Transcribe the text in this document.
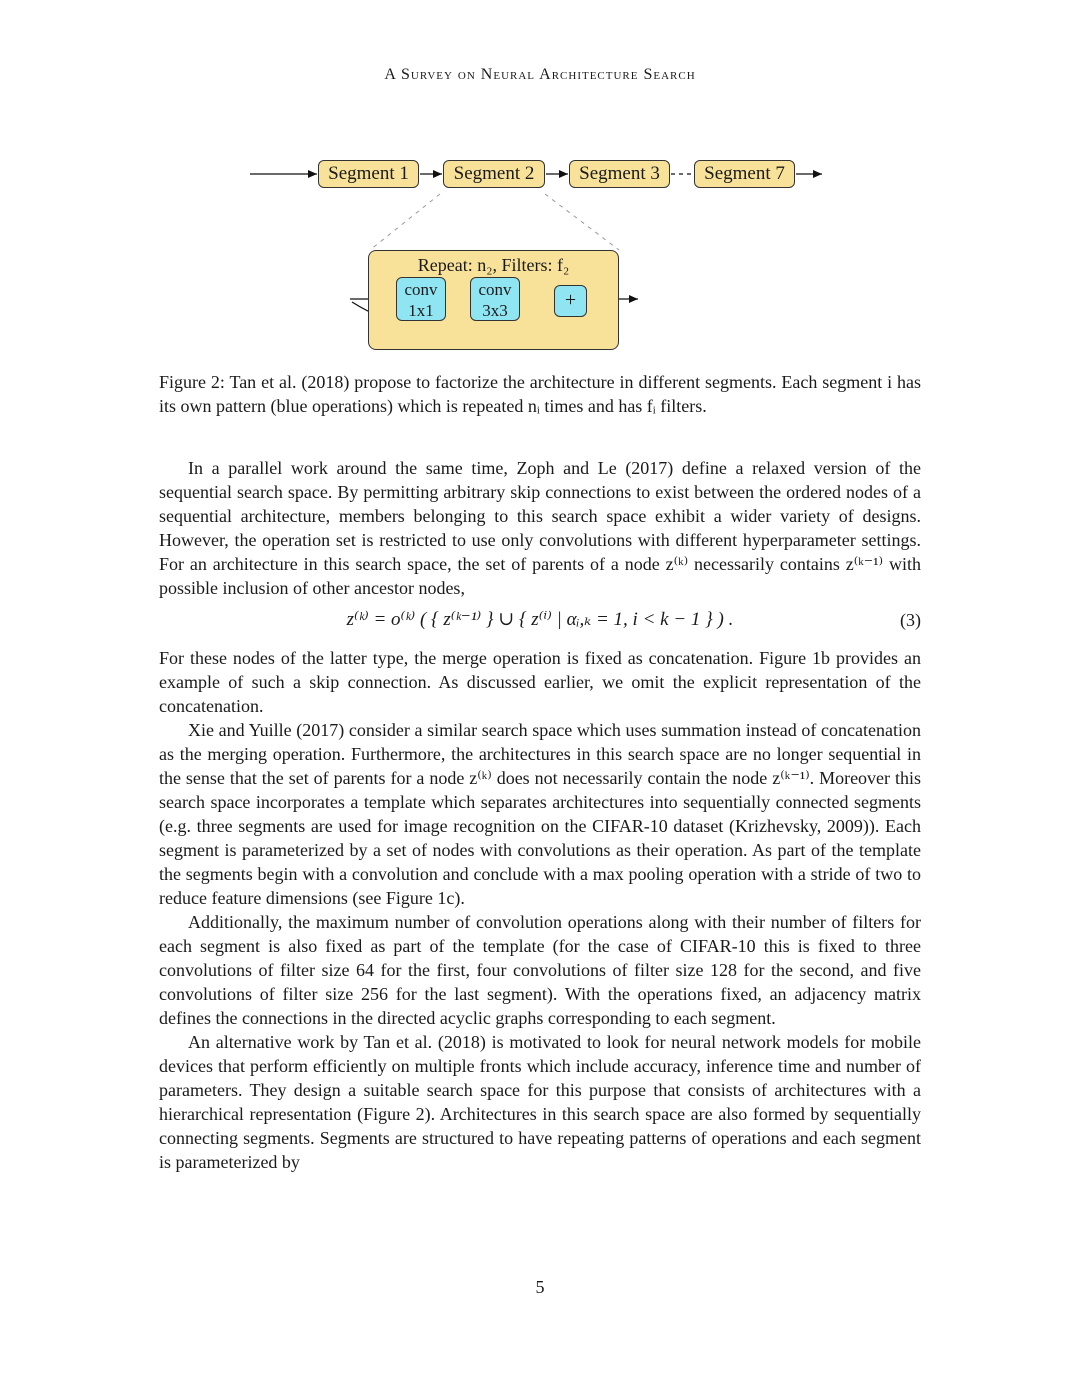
A Survey on Neural Architecture Search
Segment 1	Segment 2	Segment 3	Segment 7
Repeat: n₂, Filters: f₂
conv
1x1
conv
3x3	+
Figure 2: Tan et al. (2018) propose to factorize the architecture in different segments. Each segment i has its own pattern (blue operations) which is repeated nᵢ times and has fᵢ filters.

In a parallel work around the same time, Zoph and Le (2017) define a relaxed version of the sequential search space. By permitting arbitrary skip connections to exist between the ordered nodes of a sequential architecture, members belonging to this search space exhibit a wider variety of designs. However, the operation set is restricted to use only convolutions with different hyperparameter settings. For an architecture in this search space, the set of parents of a node z⁽ᵏ⁾ necessarily contains z⁽ᵏ⁻¹⁾ with possible inclusion of other ancestor nodes,

z⁽ᵏ⁾ = o⁽ᵏ⁾ ( { z⁽ᵏ⁻¹⁾ } ∪ { z⁽ⁱ⁾ | αᵢ,ₖ = 1, i < k − 1 } ) .	(3)

For these nodes of the latter type, the merge operation is fixed as concatenation. Figure 1b provides an example of such a skip connection. As discussed earlier, we omit the explicit representation of the concatenation.

Xie and Yuille (2017) consider a similar search space which uses summation instead of concatenation as the merging operation. Furthermore, the architectures in this search space are no longer sequential in the sense that the set of parents for a node z⁽ᵏ⁾ does not necessarily contain the node z⁽ᵏ⁻¹⁾. Moreover this search space incorporates a template which separates architectures into sequentially connected segments (e.g. three segments are used for image recognition on the CIFAR-10 dataset (Krizhevsky, 2009)). Each segment is parameterized by a set of nodes with convolutions as their operation. As part of the template the segments begin with a convolution and conclude with a max pooling operation with a stride of two to reduce feature dimensions (see Figure 1c).

Additionally, the maximum number of convolution operations along with their number of filters for each segment is also fixed as part of the template (for the case of CIFAR-10 this is fixed to three convolutions of filter size 64 for the first, four convolutions of filter size 128 for the second, and five convolutions of filter size 256 for the last segment). With the operations fixed, an adjacency matrix defines the connections in the directed acyclic graphs corresponding to each segment.

An alternative work by Tan et al. (2018) is motivated to look for neural network models for mobile devices that perform efficiently on multiple fronts which include accuracy, inference time and number of parameters. They design a suitable search space for this purpose that consists of architectures with a hierarchical representation (Figure 2). Architectures in this search space are also formed by sequentially connecting segments. Segments are structured to have repeating patterns of operations and each segment is parameterized by

5
